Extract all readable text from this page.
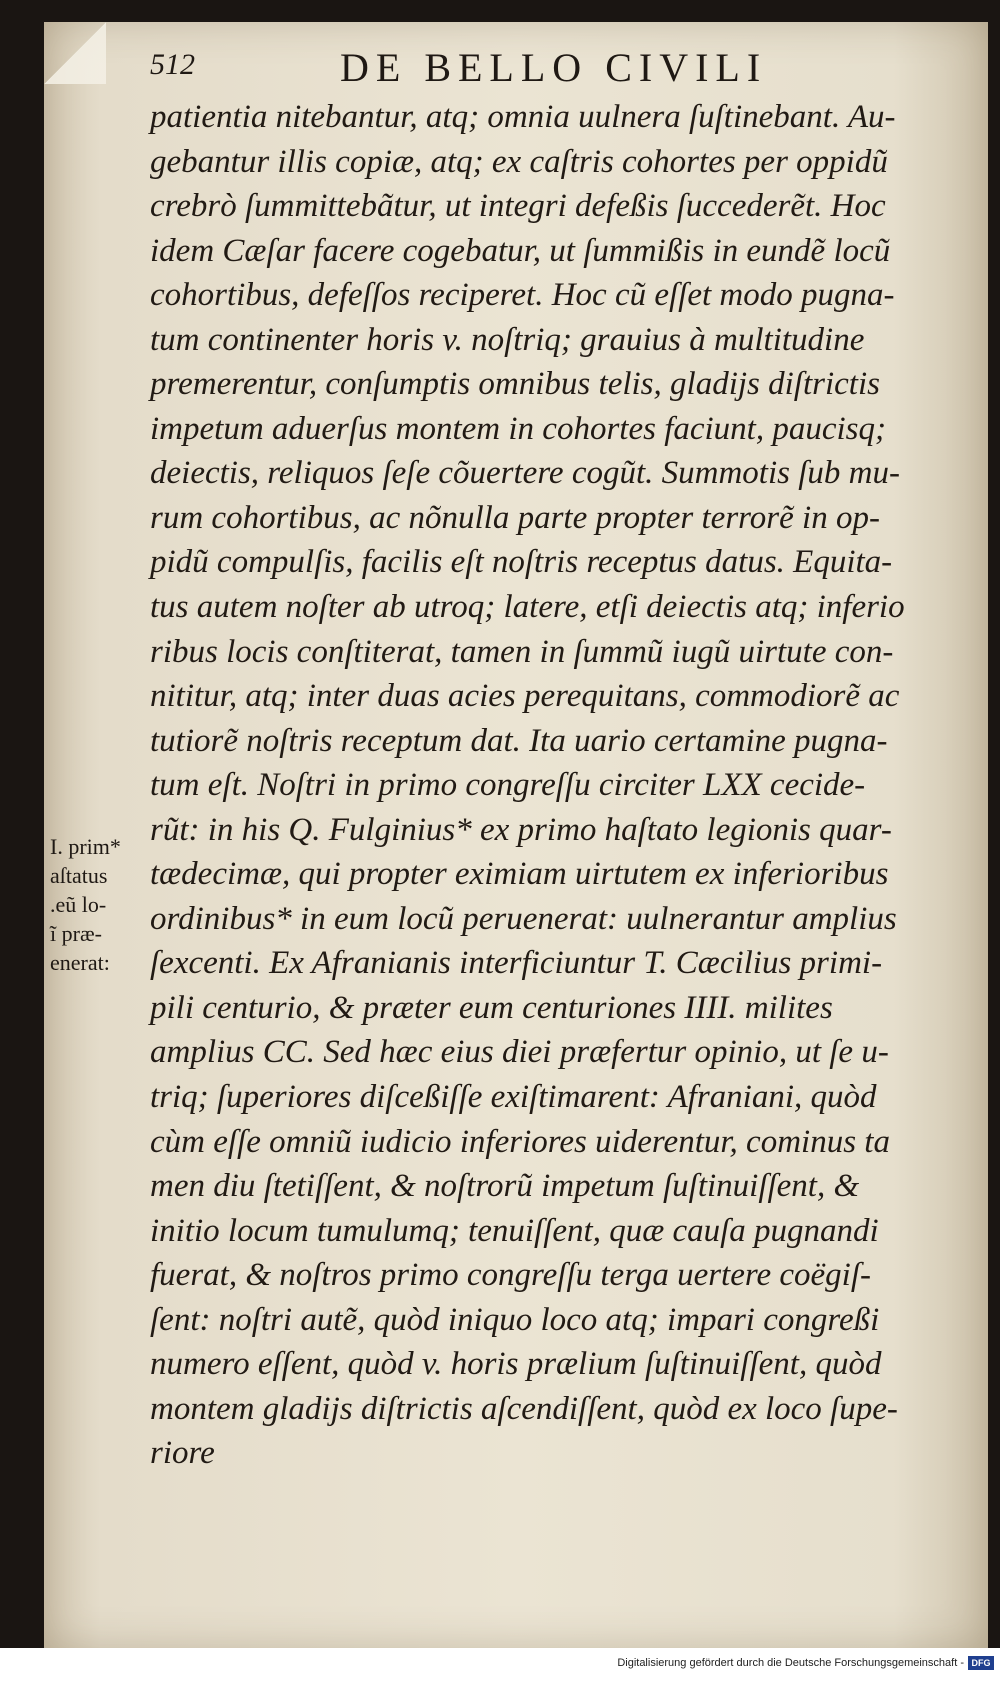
512	DE BELLO CIVILI
patientia nitebantur, atq; omnia uulnera ſuſtinebant. Au-
gebantur illis copiæ, atq; ex caſtris cohortes per oppidũ
crebrò ſummittebãtur, ut integri defeßis ſuccederẽt. Hoc
idem Cæſar facere cogebatur, ut ſummißis in eundẽ locũ
cohortibus, defeſſos reciperet. Hoc cũ eſſet modo pugna-
tum continenter horis v. noſtriq; grauius à multitudine
premerentur, conſumptis omnibus telis, gladijs diſtrictis
impetum aduerſus montem in cohortes faciunt, paucisq;
deiectis, reliquos ſeſe cõuertere cogũt. Summotis ſub mu-
rum cohortibus, ac nõnulla parte propter terrorẽ in op-
pidũ compulſis, facilis eſt noſtris receptus datus. Equita-
tus autem noſter ab utroq; latere, etſi deiectis atq; inferio
ribus locis conſtiterat, tamen in ſummũ iugũ uirtute con-
nititur, atq; inter duas acies perequitans, commodiorẽ ac
tutiorẽ noſtris receptum dat. Ita uario certamine pugna-
tum eſt. Noſtri in primo congreſſu circiter LXX cecide-
rũt: in his Q. Fulginius* ex primo haſtato legionis quar-
tædecimæ, qui propter eximiam uirtutem ex inferioribus
ordinibus* in eum locũ peruenerat: uulnerantur amplius
ſexcenti. Ex Afranianis interficiuntur T. Cæcilius primi-
pili centurio, & præter eum centuriones IIII. milites
amplius CC. Sed hæc eius diei præfertur opinio, ut ſe u-
triq; ſuperiores diſceßiſſe exiſtimarent: Afraniani, quòd
cùm eſſe omniũ iudicio inferiores uiderentur, cominus ta
men diu ſtetiſſent, & noſtrorũ impetum ſuſtinuiſſent, &
initio locum tumulumq; tenuiſſent, quæ cauſa pugnandi
fuerat, & noſtros primo congreſſu terga uertere coëgiſ-
ſent: noſtri autẽ, quòd iniquo loco atq; impari congreßi
numero eſſent, quòd v. horis prælium ſuſtinuiſſent, quòd
montem gladijs diſtrictis aſcendiſſent, quòd ex loco ſupe-
riore
I. prim*
aſtatus
.eũ lo-
ĩ præ-
enerat:
Digitalisierung gefördert durch die Deutsche Forschungsgemeinschaft - DFG
